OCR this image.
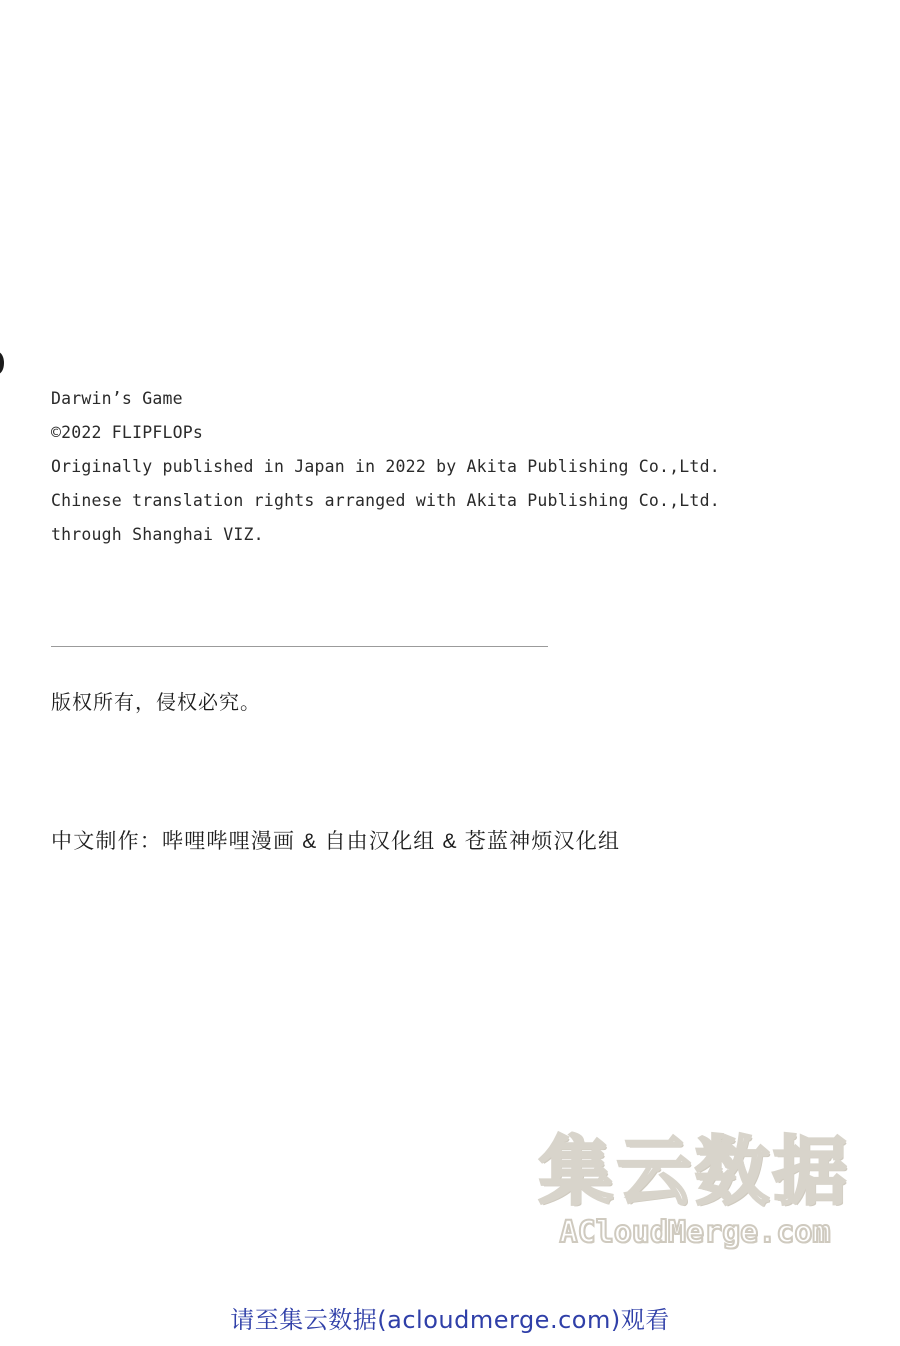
Darwin’s Game
©2022 FLIPFLOPs
Originally published in Japan in 2022 by Akita Publishing Co.,Ltd.
Chinese translation rights arranged with Akita Publishing Co.,Ltd.
through Shanghai VIZ.
版权所有，侵权必究。
中文制作：哔哩哔哩漫画 & 自由汉化组 & 苍蓝神烦汉化组
集云数据
ACloudMerge.com
请至集云数据(acloudmerge.com)观看
